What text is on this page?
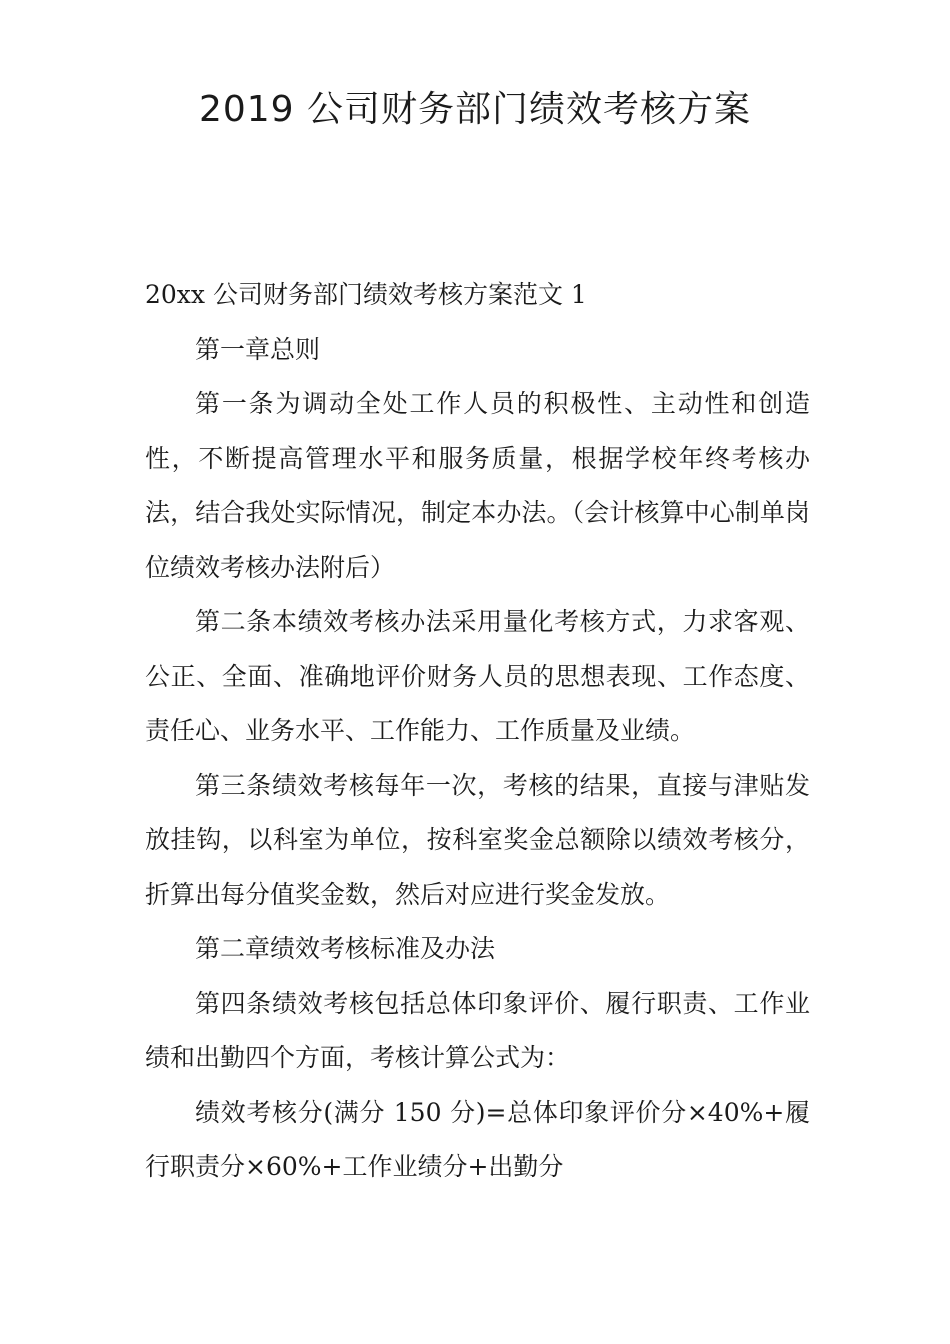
2019 公司财务部门绩效考核方案

20xx 公司财务部门绩效考核方案范文 1

第一章总则

第一条为调动全处工作人员的积极性、主动性和创造性，不断提高管理水平和服务质量，根据学校年终考核办法，结合我处实际情况，制定本办法。（会计核算中心制单岗位绩效考核办法附后）

第二条本绩效考核办法采用量化考核方式，力求客观、公正、全面、准确地评价财务人员的思想表现、工作态度、责任心、业务水平、工作能力、工作质量及业绩。

第三条绩效考核每年一次，考核的结果，直接与津贴发放挂钩，以科室为单位，按科室奖金总额除以绩效考核分，折算出每分值奖金数，然后对应进行奖金发放。

第二章绩效考核标准及办法

第四条绩效考核包括总体印象评价、履行职责、工作业绩和出勤四个方面，考核计算公式为：

绩效考核分(满分 150 分)=总体印象评价分×40%+履行职责分×60%+工作业绩分+出勤分
